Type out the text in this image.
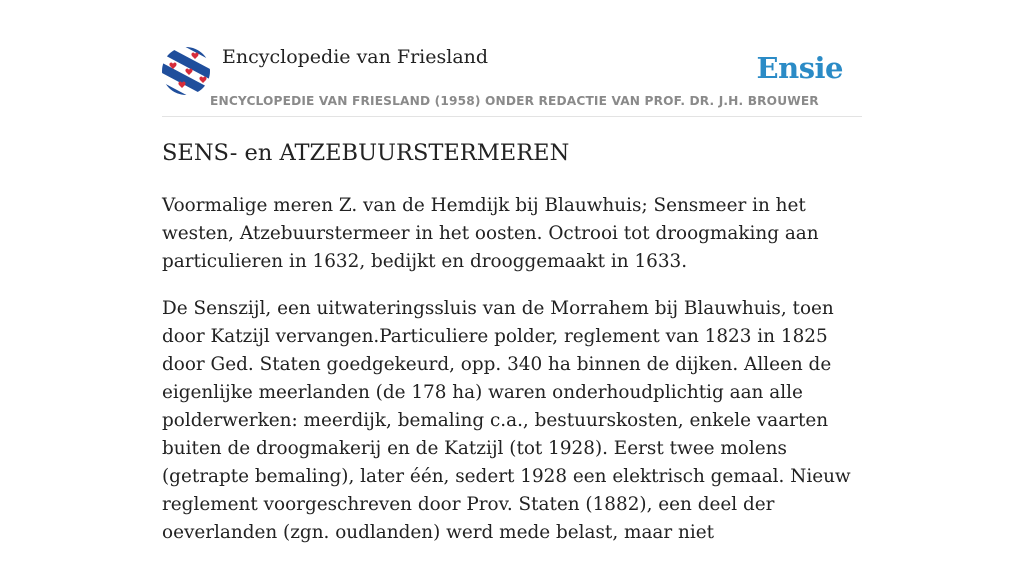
Encyclopedie van Friesland	Ensie
ENCYCLOPEDIE VAN FRIESLAND (1958) ONDER REDACTIE VAN PROF. DR. J.H. BROUWER
SENS- en ATZEBUURSTERMEREN

Voormalige meren Z. van de Hemdijk bij Blauwhuis; Sensmeer in het westen, Atzebuurstermeer in het oosten. Octrooi tot droogmaking aan particulieren in 1632, bedijkt en drooggemaakt in 1633.

De Senszijl, een uitwateringssluis van de Morrahem bij Blauwhuis, toen door Katzijl vervangen.Particuliere polder, reglement van 1823 in 1825 door Ged. Staten goedgekeurd, opp. 340 ha binnen de dijken. Alleen de eigenlijke meerlanden (de 178 ha) waren onderhoudplichtig aan alle polderwerken: meerdijk, bemaling c.a., bestuurskosten, enkele vaarten buiten de droogmakerij en de Katzijl (tot 1928). Eerst twee molens (getrapte bemaling), later één, sedert 1928 een elektrisch gemaal. Nieuw reglement voorgeschreven door Prov. Staten (1882), een deel der oeverlanden (zgn. oudlanden) werd mede belast, maar niet
